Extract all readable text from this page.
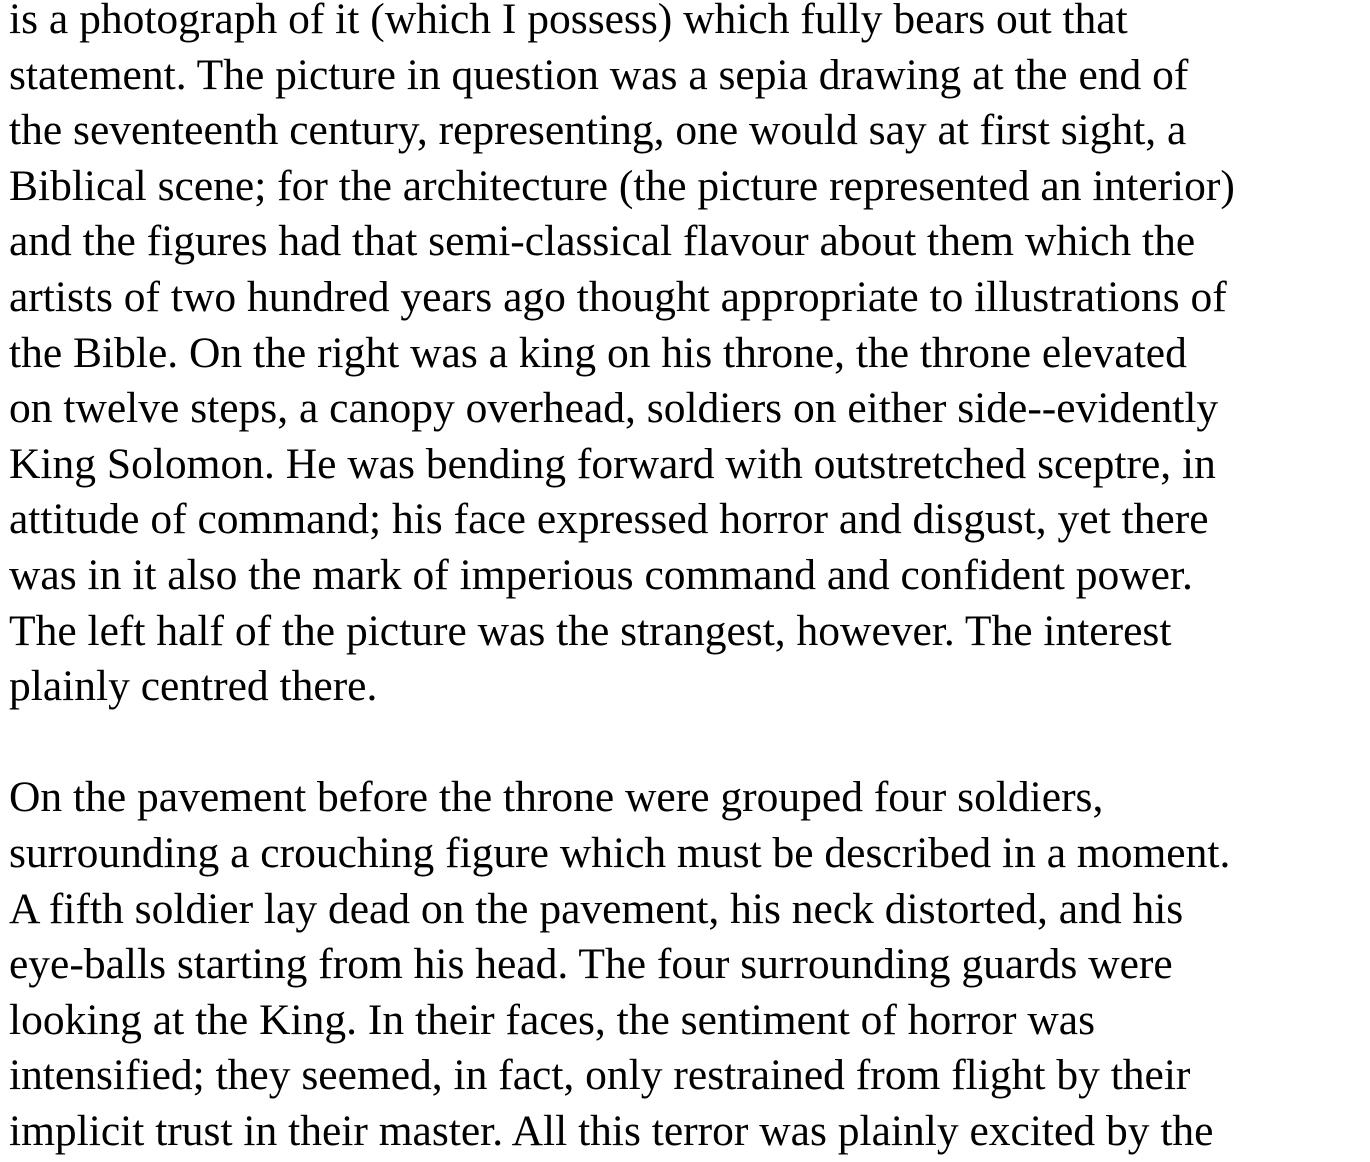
is a photograph of it (which I possess) which fully bears out that
statement. The picture in question was a sepia drawing at the end of
the seventeenth century, representing, one would say at first sight, a
Biblical scene; for the architecture (the picture represented an interior)
and the figures had that semi-classical flavour about them which the
artists of two hundred years ago thought appropriate to illustrations of
the Bible. On the right was a king on his throne, the throne elevated
on twelve steps, a canopy overhead, soldiers on either side--evidently
King Solomon. He was bending forward with outstretched sceptre, in
attitude of command; his face expressed horror and disgust, yet there
was in it also the mark of imperious command and confident power.
The left half of the picture was the strangest, however. The interest
plainly centred there.
On the pavement before the throne were grouped four soldiers,
surrounding a crouching figure which must be described in a moment.
A fifth soldier lay dead on the pavement, his neck distorted, and his
eye-balls starting from his head. The four surrounding guards were
looking at the King. In their faces, the sentiment of horror was
intensified; they seemed, in fact, only restrained from flight by their
implicit trust in their master. All this terror was plainly excited by the
